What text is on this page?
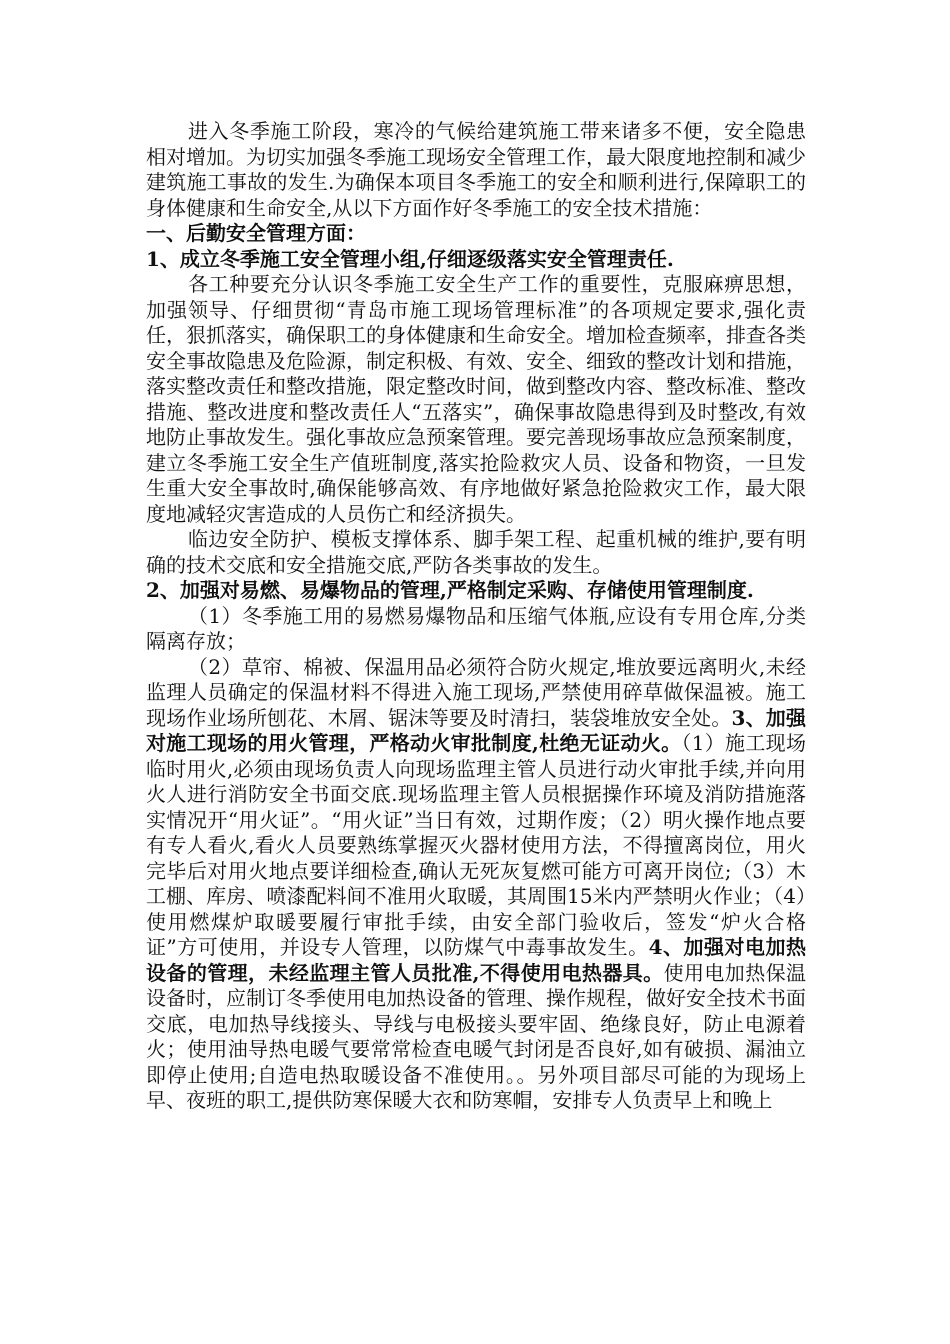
进入冬季施工阶段，寒冷的气候给建筑施工带来诸多不便，安全隐患相对增加。为切实加强冬季施工现场安全管理工作，最大限度地控制和减少建筑施工事故的发生.为确保本项目冬季施工的安全和顺利进行,保障职工的身体健康和生命安全,从以下方面作好冬季施工的安全技术措施：

一、后勤安全管理方面：

1、成立冬季施工安全管理小组,仔细逐级落实安全管理责任.

各工种要充分认识冬季施工安全生产工作的重要性，克服麻痹思想，加强领导、仔细贯彻“青岛市施工现场管理标准”的各项规定要求,强化责任，狠抓落实，确保职工的身体健康和生命安全。增加检查频率，排查各类安全事故隐患及危险源，制定积极、有效、安全、细致的整改计划和措施，落实整改责任和整改措施，限定整改时间，做到整改内容、整改标准、整改措施、整改进度和整改责任人“五落实”，确保事故隐患得到及时整改,有效地防止事故发生。强化事故应急预案管理。要完善现场事故应急预案制度，建立冬季施工安全生产值班制度,落实抢险救灾人员、设备和物资，一旦发生重大安全事故时,确保能够高效、有序地做好紧急抢险救灾工作，最大限度地减轻灾害造成的人员伤亡和经济损失。

临边安全防护、模板支撑体系、脚手架工程、起重机械的维护,要有明确的技术交底和安全措施交底,严防各类事故的发生。

2、加强对易燃、易爆物品的管理,严格制定采购、存储使用管理制度.

（1）冬季施工用的易燃易爆物品和压缩气体瓶,应设有专用仓库,分类隔离存放；

（2）草帘、棉被、保温用品必须符合防火规定,堆放要远离明火,未经监理人员确定的保温材料不得进入施工现场,严禁使用碎草做保温被。施工现场作业场所刨花、木屑、锯沫等要及时清扫，装袋堆放安全处。3、加强对施工现场的用火管理，严格动火审批制度,杜绝无证动火。（1）施工现场临时用火,必须由现场负责人向现场监理主管人员进行动火审批手续,并向用火人进行消防安全书面交底.现场监理主管人员根据操作环境及消防措施落实情况开“用火证”。“用火证”当日有效，过期作废；（2）明火操作地点要有专人看火,看火人员要熟练掌握灭火器材使用方法，不得擅离岗位，用火完毕后对用火地点要详细检查,确认无死灰复燃可能方可离开岗位;（3）木工棚、库房、喷漆配料间不准用火取暖，其周围15米内严禁明火作业；（4）使用燃煤炉取暖要履行审批手续，由安全部门验收后，签发“炉火合格证”方可使用，并设专人管理，以防煤气中毒事故发生。4、加强对电加热设备的管理，未经监理主管人员批准,不得使用电热器具。使用电加热保温设备时，应制订冬季使用电加热设备的管理、操作规程，做好安全技术书面交底，电加热导线接头、导线与电极接头要牢固、绝缘良好，防止电源着火；使用油导热电暖气要常常检查电暖气封闭是否良好,如有破损、漏油立即停止使用;自造电热取暖设备不准使用。。另外项目部尽可能的为现场上早、夜班的职工,提供防寒保暖大衣和防寒帽，安排专人负责早上和晚上
